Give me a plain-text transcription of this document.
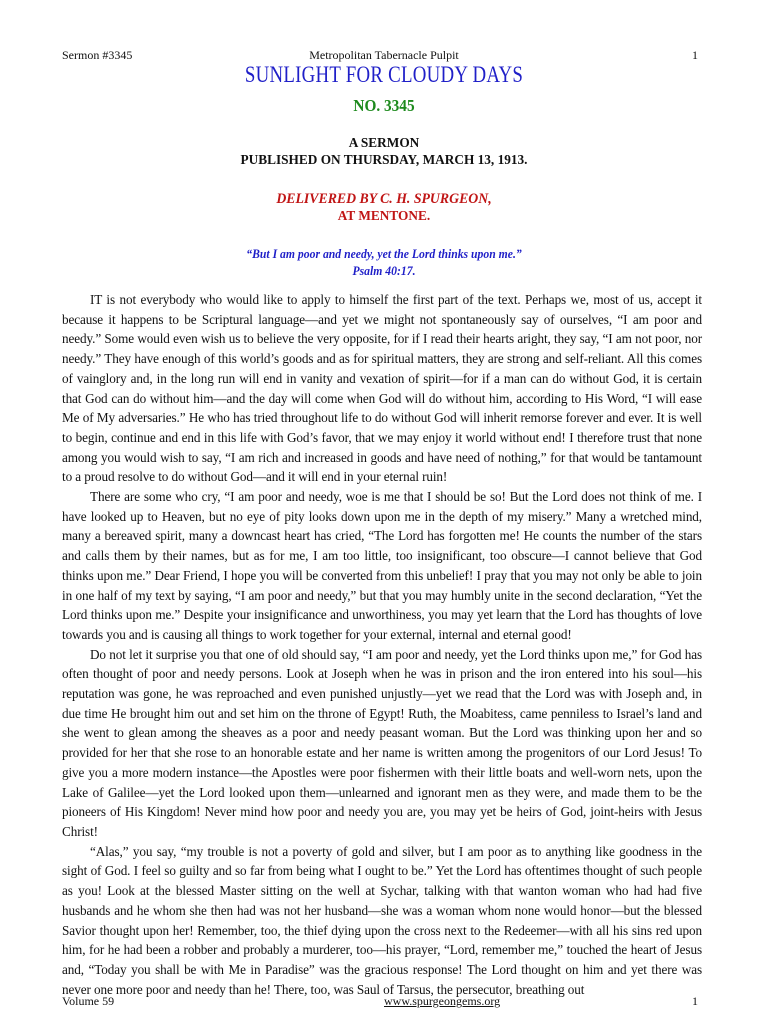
Sermon #3345	Metropolitan Tabernacle Pulpit	1
SUNLIGHT FOR CLOUDY DAYS
NO. 3345
A SERMON
PUBLISHED ON THURSDAY, MARCH 13, 1913.
DELIVERED BY C. H. SPURGEON,
AT MENTONE.
“But I am poor and needy, yet the Lord thinks upon me.”
Psalm 40:17.

IT is not everybody who would like to apply to himself the first part of the text. Perhaps we, most of us, accept it because it happens to be Scriptural language—and yet we might not spontaneously say of ourselves, “I am poor and needy.” Some would even wish us to believe the very opposite, for if I read their hearts aright, they say, “I am not poor, nor needy.” They have enough of this world’s goods and as for spiritual matters, they are strong and self-reliant. All this comes of vainglory and, in the long run will end in vanity and vexation of spirit—for if a man can do without God, it is certain that God can do without him—and the day will come when God will do without him, according to His Word, “I will ease Me of My adversaries.” He who has tried throughout life to do without God will inherit remorse forever and ever. It is well to begin, continue and end in this life with God’s favor, that we may enjoy it world without end! I therefore trust that none among you would wish to say, “I am rich and increased in goods and have need of nothing,” for that would be tantamount to a proud resolve to do without God—and it will end in your eternal ruin!

There are some who cry, “I am poor and needy, woe is me that I should be so! But the Lord does not think of me. I have looked up to Heaven, but no eye of pity looks down upon me in the depth of my misery.” Many a wretched mind, many a bereaved spirit, many a downcast heart has cried, “The Lord has forgotten me! He counts the number of the stars and calls them by their names, but as for me, I am too little, too insignificant, too obscure—I cannot believe that God thinks upon me.” Dear Friend, I hope you will be converted from this unbelief! I pray that you may not only be able to join in one half of my text by saying, “I am poor and needy,” but that you may humbly unite in the second declaration, “Yet the Lord thinks upon me.” Despite your insignificance and unworthiness, you may yet learn that the Lord has thoughts of love towards you and is causing all things to work together for your external, internal and eternal good!

Do not let it surprise you that one of old should say, “I am poor and needy, yet the Lord thinks upon me,” for God has often thought of poor and needy persons. Look at Joseph when he was in prison and the iron entered into his soul—his reputation was gone, he was reproached and even punished unjustly—yet we read that the Lord was with Joseph and, in due time He brought him out and set him on the throne of Egypt! Ruth, the Moabitess, came penniless to Israel’s land and she went to glean among the sheaves as a poor and needy peasant woman. But the Lord was thinking upon her and so provided for her that she rose to an honorable estate and her name is written among the progenitors of our Lord Jesus! To give you a more modern instance—the Apostles were poor fishermen with their little boats and well-worn nets, upon the Lake of Galilee—yet the Lord looked upon them—unlearned and ignorant men as they were, and made them to be the pioneers of His Kingdom! Never mind how poor and needy you are, you may yet be heirs of God, joint-heirs with Jesus Christ!

“Alas,” you say, “my trouble is not a poverty of gold and silver, but I am poor as to anything like goodness in the sight of God. I feel so guilty and so far from being what I ought to be.” Yet the Lord has oftentimes thought of such people as you! Look at the blessed Master sitting on the well at Sychar, talking with that wanton woman who had had five husbands and he whom she then had was not her husband—she was a woman whom none would honor—but the blessed Savior thought upon her! Remember, too, the thief dying upon the cross next to the Redeemer—with all his sins red upon him, for he had been a robber and probably a murderer, too—his prayer, “Lord, remember me,” touched the heart of Jesus and, “Today you shall be with Me in Paradise” was the gracious response! The Lord thought on him and yet there was never one more poor and needy than he! There, too, was Saul of Tarsus, the persecutor, breathing out

Volume 59	www.spurgeongems.org	1
